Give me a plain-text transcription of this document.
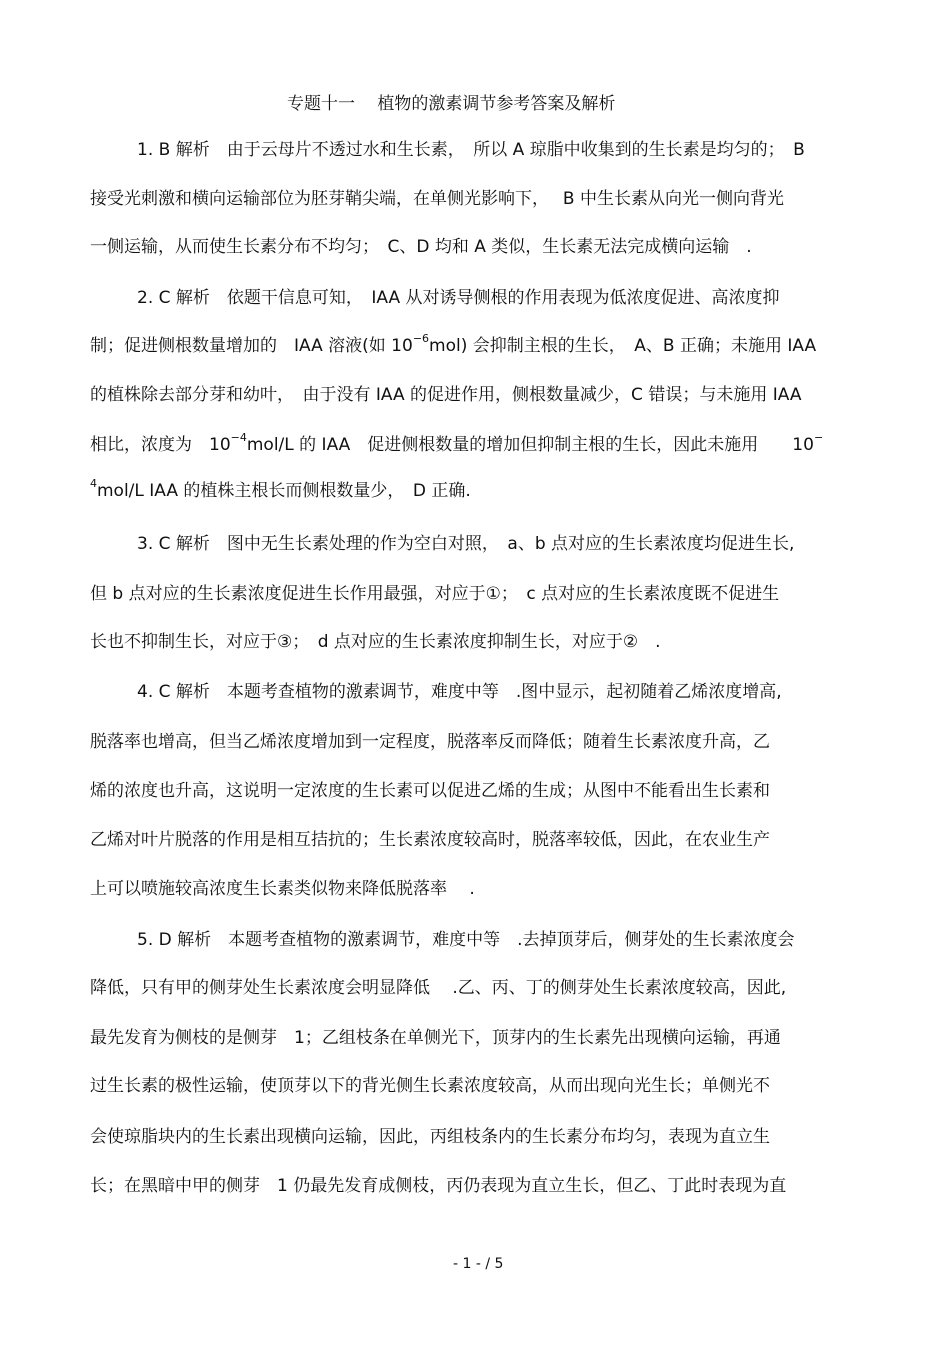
专题十一　 植物的激素调节参考答案及解析
1. B 解析　由于云母片不透过水和生长素，　所以 A 琼脂中收集到的生长素是均匀的；　B
接受光刺激和横向运输部位为胚芽鞘尖端，在单侧光影响下，　 B 中生长素从向光一侧向背光
一侧运输，从而使生长素分布不均匀；　C、D 均和 A 类似，生长素无法完成横向运输　.
2. C 解析　依题干信息可知，　IAA 从对诱导侧根的作用表现为低浓度促进、高浓度抑
制；促进侧根数量增加的　IAA 溶液(如 $10^{-6}mol$) 会抑制主根的生长，　A、B 正确；未施用 IAA
的植株除去部分芽和幼叶，　由于没有 IAA 的促进作用，侧根数量减少，C 错误；与未施用 IAA
相比，浓度为　$10^{-4}mol/L$ 的 IAA　促进侧根数量的增加但抑制主根的生长，因此未施用　　10−
$^4$mol/L IAA 的植株主根长而侧根数量少，　D 正确.
3. C 解析　图中无生长素处理的作为空白对照，　a、b 点对应的生长素浓度均促进生长,
但 b 点对应的生长素浓度促进生长作用最强，对应于①；　c 点对应的生长素浓度既不促进生
长也不抑制生长，对应于③；　d 点对应的生长素浓度抑制生长，对应于②　.
4. C 解析　本题考查植物的激素调节，难度中等　.图中显示，起初随着乙烯浓度增高,
脱落率也增高，但当乙烯浓度增加到一定程度，脱落率反而降低；随着生长素浓度升高，乙
烯的浓度也升高，这说明一定浓度的生长素可以促进乙烯的生成；从图中不能看出生长素和
乙烯对叶片脱落的作用是相互拮抗的；生长素浓度较高时，脱落率较低，因此，在农业生产
上可以喷施较高浓度生长素类似物来降低脱落率　 .
5. D 解析　本题考查植物的激素调节，难度中等　.去掉顶芽后，侧芽处的生长素浓度会
降低，只有甲的侧芽处生长素浓度会明显降低　 .乙、丙、丁的侧芽处生长素浓度较高，因此,
最先发育为侧枝的是侧芽　1；乙组枝条在单侧光下，顶芽内的生长素先出现横向运输，再通
过生长素的极性运输，使顶芽以下的背光侧生长素浓度较高，从而出现向光生长；单侧光不
会使琼脂块内的生长素出现横向运输，因此，丙组枝条内的生长素分布均匀，表现为直立生
长；在黑暗中甲的侧芽　1 仍最先发育成侧枝，丙仍表现为直立生长，但乙、丁此时表现为直
- 1 - / 5
